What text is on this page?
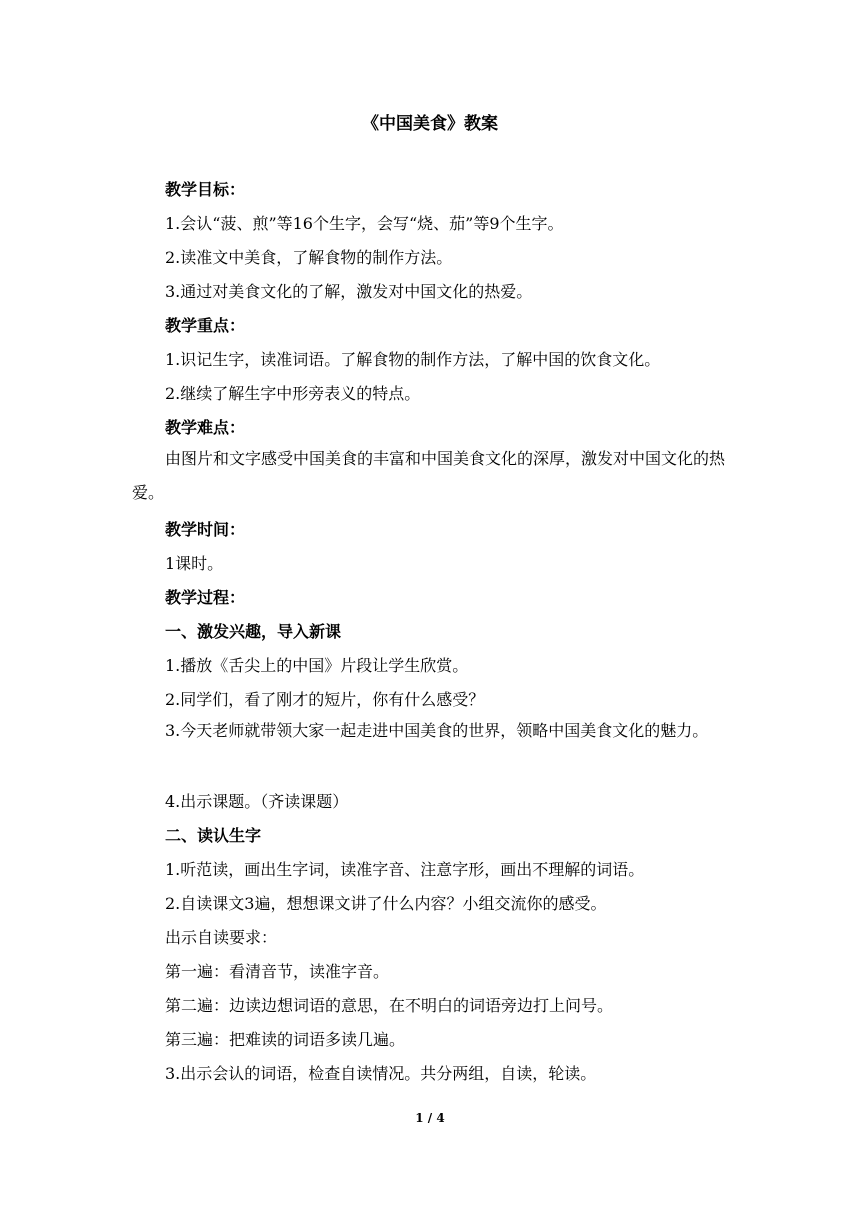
《中国美食》教案
教学目标：
1.会认“菠、煎”等16个生字，会写“烧、茄”等9个生字。
2.读准文中美食，了解食物的制作方法。
3.通过对美食文化的了解，激发对中国文化的热爱。
教学重点：
1.识记生字，读准词语。了解食物的制作方法，了解中国的饮食文化。
2.继续了解生字中形旁表义的特点。
教学难点：
由图片和文字感受中国美食的丰富和中国美食文化的深厚，激发对中国文化的热爱。
教学时间：
1课时。
教学过程：
一、激发兴趣，导入新课
1.播放《舌尖上的中国》片段让学生欣赏。
2.同学们，看了刚才的短片，你有什么感受？
3.今天老师就带领大家一起走进中国美食的世界，领略中国美食文化的魅力。
4.出示课题。（齐读课题）
二、读认生字
1.听范读，画出生字词，读准字音、注意字形，画出不理解的词语。
2.自读课文3遍，想想课文讲了什么内容？小组交流你的感受。
出示自读要求：
第一遍：看清音节，读准字音。
第二遍：边读边想词语的意思，在不明白的词语旁边打上问号。
第三遍：把难读的词语多读几遍。
3.出示会认的词语，检查自读情况。共分两组，自读，轮读。
1 / 4
